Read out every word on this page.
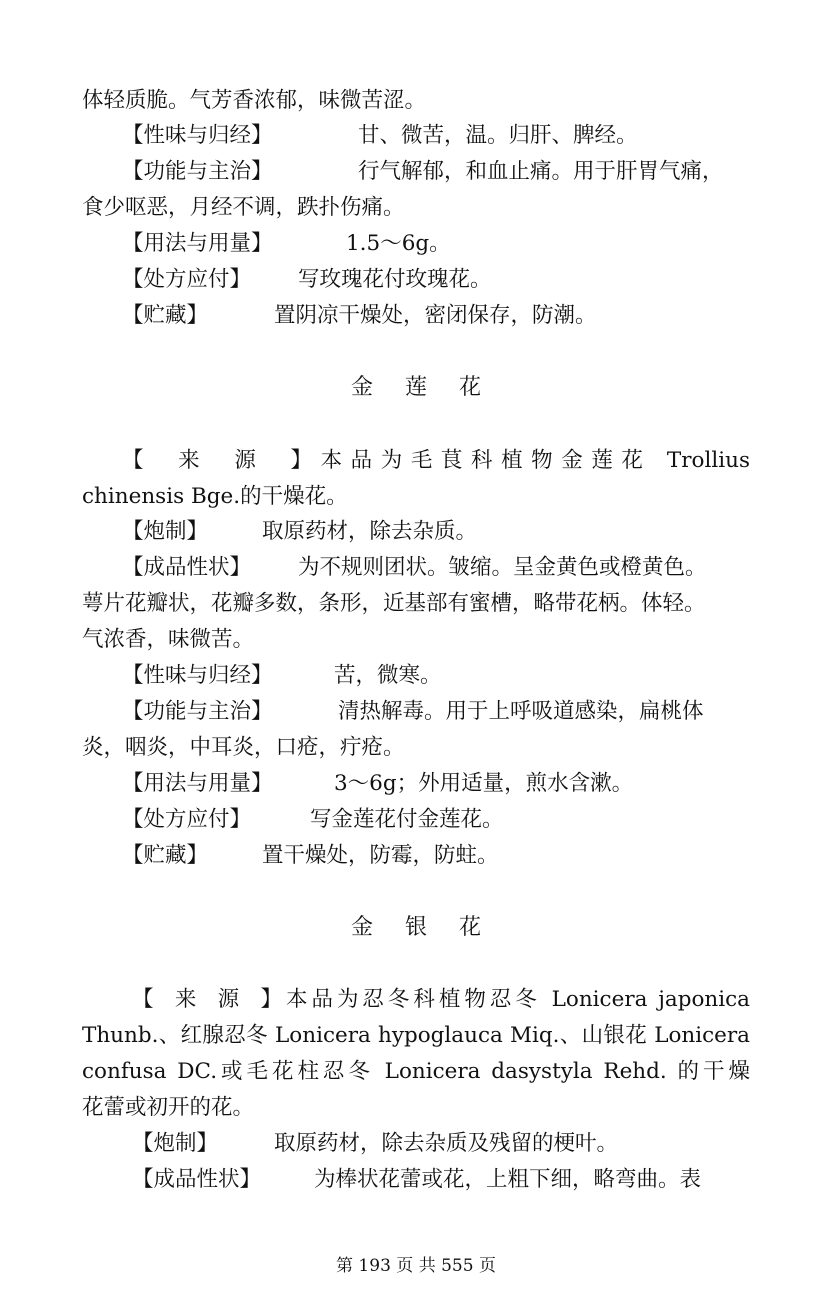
体轻质脆。气芳香浓郁，味微苦涩。
【性味与归经】	甘、微苦，温。归肝、脾经。
【功能与主治】	行气解郁，和血止痛。用于肝胃气痛，
食少呕恶，月经不调，跌扑伤痛。
【用法与用量】	1.5～6g。
【处方应付】 写玫瑰花付玫瑰花。
【贮藏】	置阴凉干燥处，密闭保存，防潮。
金莲花
【来源】本品为毛茛科植物金莲花 Trollius
chinensis Bge.的干燥花。
【炮制】	取原药材，除去杂质。
【成品性状】 为不规则团状。皱缩。呈金黄色或橙黄色。
萼片花瓣状，花瓣多数，条形，近基部有蜜槽，略带花柄。体轻。
气浓香，味微苦。
【性味与归经】	苦，微寒。
【功能与主治】	清热解毒。用于上呼吸道感染，扁桃体
炎，咽炎，中耳炎，口疮，疔疮。
【用法与用量】	3～6g；外用适量，煎水含漱。
【处方应付】	写金莲花付金莲花。
【贮藏】	置干燥处，防霉，防蛀。
金银花
【来源】本品为忍冬科植物忍冬 Lonicera japonica
Thunb.、红腺忍冬 Lonicera hypoglauca Miq.、山银花 Lonicera
confusa DC.或毛花柱忍冬 Lonicera dasystyla Rehd. 的干燥
花蕾或初开的花。
【炮制】	取原药材，除去杂质及残留的梗叶。
【成品性状】 为棒状花蕾或花，上粗下细，略弯曲。表
第 193 页 共 555 页
